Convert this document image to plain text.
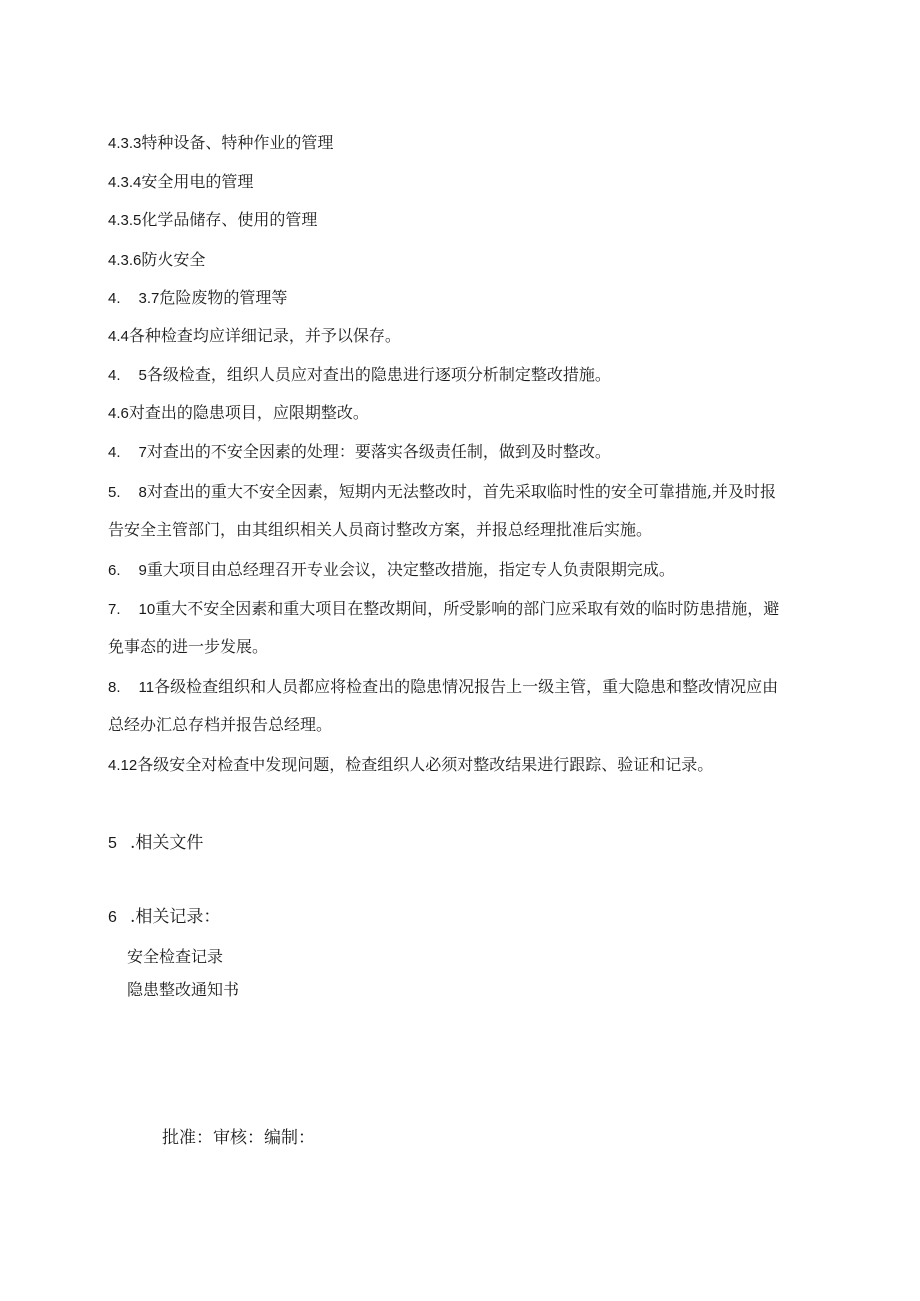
4.3.3特种设备、特种作业的管理
4.3.4安全用电的管理
4.3.5化学品储存、使用的管理
4.3.6防火安全
4. 3.7危险废物的管理等
4.4各种检查均应详细记录，并予以保存。
4. 5各级检查，组织人员应对查出的隐患进行逐项分析制定整改措施。
4.6对查出的隐患项目，应限期整改。
4. 7对查出的不安全因素的处理：要落实各级责任制，做到及时整改。
5. 8对查出的重大不安全因素，短期内无法整改时，首先采取临时性的安全可靠措施,并及时报
告安全主管部门，由其组织相关人员商讨整改方案，并报总经理批准后实施。
6. 9重大项目由总经理召开专业会议，决定整改措施，指定专人负责限期完成。
7. 10重大不安全因素和重大项目在整改期间，所受影响的部门应采取有效的临时防患措施，避
免事态的进一步发展。
8. 11各级检查组织和人员都应将检查出的隐患情况报告上一级主管，重大隐患和整改情况应由
总经办汇总存档并报告总经理。
4.12各级安全对检查中发现问题，检查组织人必须对整改结果进行跟踪、验证和记录。
5 .相关文件
6 .相关记录：
安全检查记录
隐患整改通知书
批准：审核：编制：
